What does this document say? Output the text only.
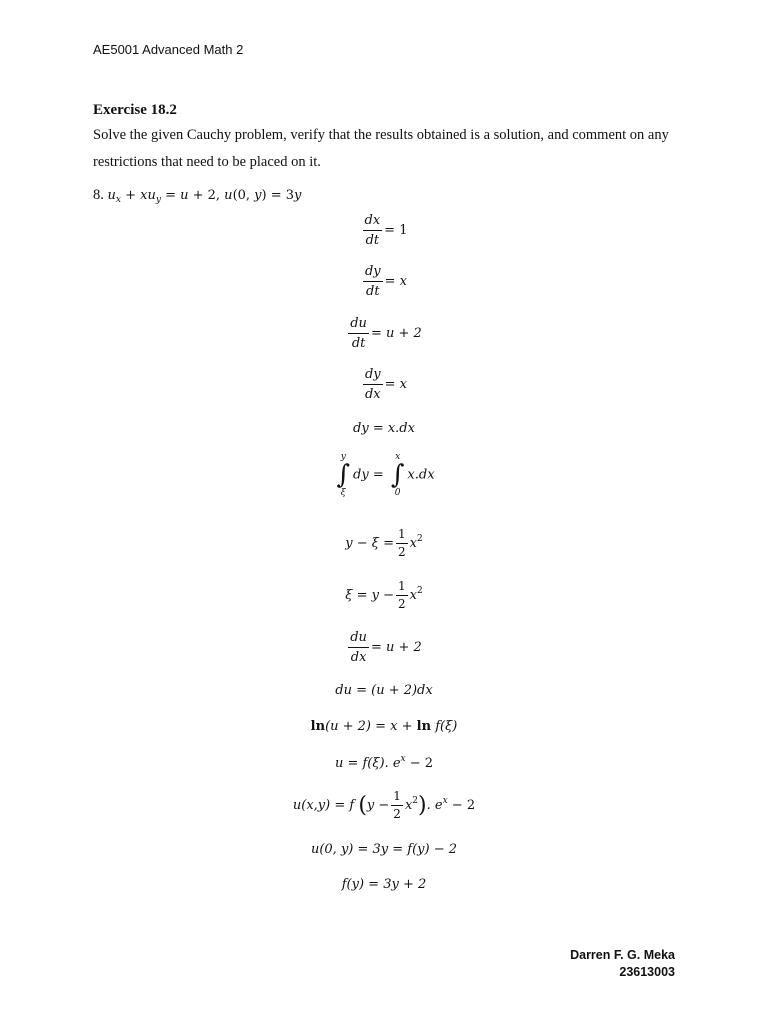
AE5001 Advanced Math 2
Exercise 18.2
Solve the given Cauchy problem, verify that the results obtained is a solution, and comment on any restrictions that need to be placed on it.
8. $u_x + xu_y = u + 2$, u(0, y) = 3y
$\frac{dx}{dt} = 1$
$\frac{dy}{dt} = x$
$\frac{du}{dt} = u + 2$
$\frac{dy}{dx} = x$
dy = x.dx
y
∫
ξ
dy =
x
∫
0
x.dx
$y - \xi = \frac{1}{2} x^2$
$\xi = y - \frac{1}{2} x^2$
$\frac{du}{dx} = u + 2$
du = (u + 2)dx
ln(u + 2) = x + ln f(ξ)
u = f(ξ). $e^x - 2$
u(x,y) = f $(y - \frac{1}{2} x^2)$. $e^x - 2$
u(0, y) = 3y = f(y) − 2
f(y) = 3y + 2
Darren F. G. Meka
23613003
